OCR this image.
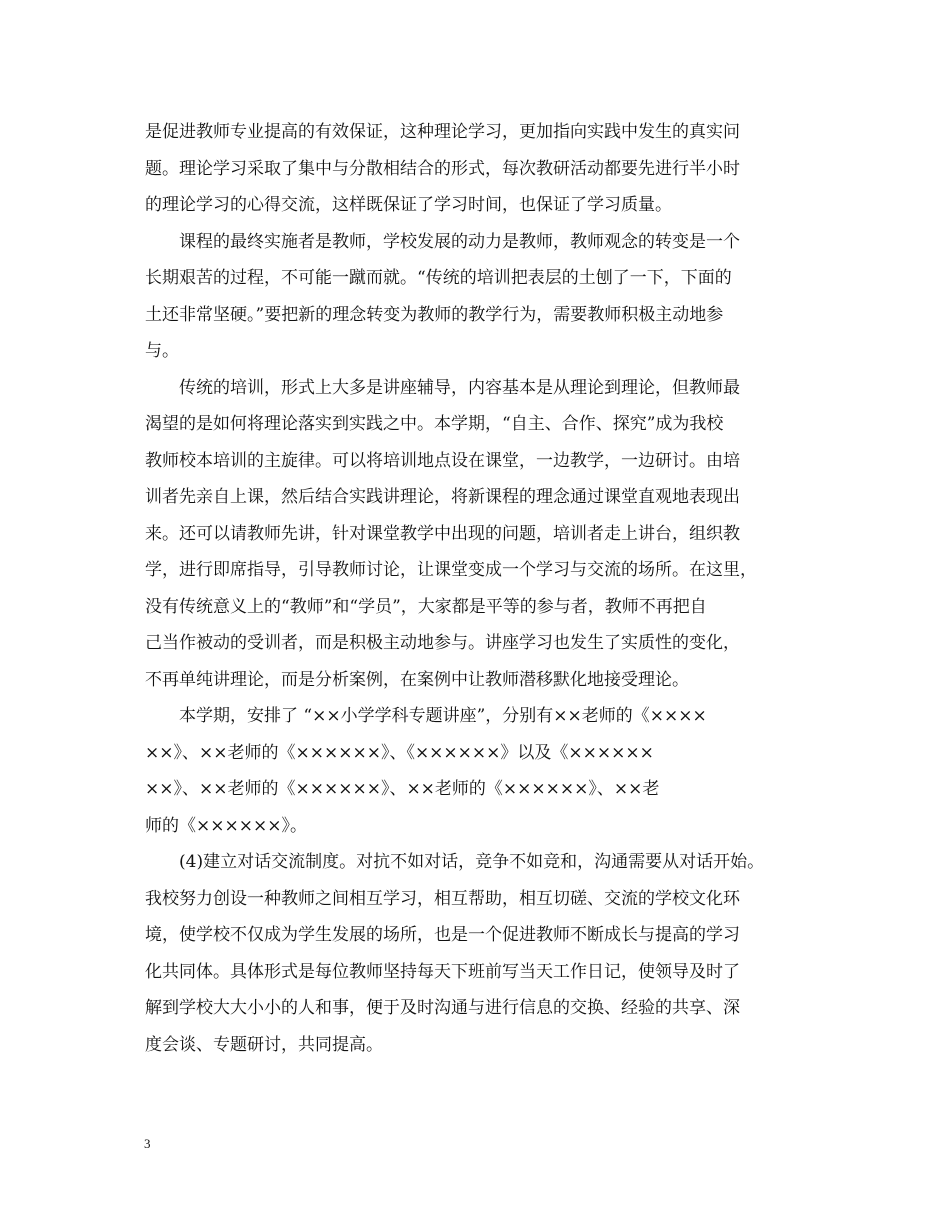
是促进教师专业提高的有效保证，这种理论学习，更加指向实践中发生的真实问
题。理论学习采取了集中与分散相结合的形式，每次教研活动都要先进行半小时
的理论学习的心得交流，这样既保证了学习时间，也保证了学习质量。
课程的最终实施者是教师，学校发展的动力是教师，教师观念的转变是一个
长期艰苦的过程，不可能一蹴而就。“传统的培训把表层的土刨了一下，下面的
土还非常坚硬。”要把新的理念转变为教师的教学行为，需要教师积极主动地参
与。
传统的培训，形式上大多是讲座辅导，内容基本是从理论到理论，但教师最
渴望的是如何将理论落实到实践之中。本学期，“自主、合作、探究”成为我校
教师校本培训的主旋律。可以将培训地点设在课堂，一边教学，一边研讨。由培
训者先亲自上课，然后结合实践讲理论，将新课程的理念通过课堂直观地表现出
来。还可以请教师先讲，针对课堂教学中出现的问题，培训者走上讲台，组织教
学，进行即席指导，引导教师讨论，让课堂变成一个学习与交流的场所。在这里，
没有传统意义上的“教师”和“学员”，大家都是平等的参与者，教师不再把自
己当作被动的受训者，而是积极主动地参与。讲座学习也发生了实质性的变化，
不再单纯讲理论，而是分析案例，在案例中让教师潜移默化地接受理论。
本学期，安排了 “××小学学科专题讲座”，分别有××老师的《××××
××》、××老师的《××××××》、《××××××》以及《××××××
××》、××老师的《××××××》、××老师的《××××××》、××老
师的《××××××》。
(4)建立对话交流制度。对抗不如对话，竞争不如竞和，沟通需要从对话开始。
我校努力创设一种教师之间相互学习，相互帮助，相互切磋、交流的学校文化环
境，使学校不仅成为学生发展的场所，也是一个促进教师不断成长与提高的学习
化共同体。具体形式是每位教师坚持每天下班前写当天工作日记，使领导及时了
解到学校大大小小的人和事，便于及时沟通与进行信息的交换、经验的共享、深
度会谈、专题研讨，共同提高。
3
